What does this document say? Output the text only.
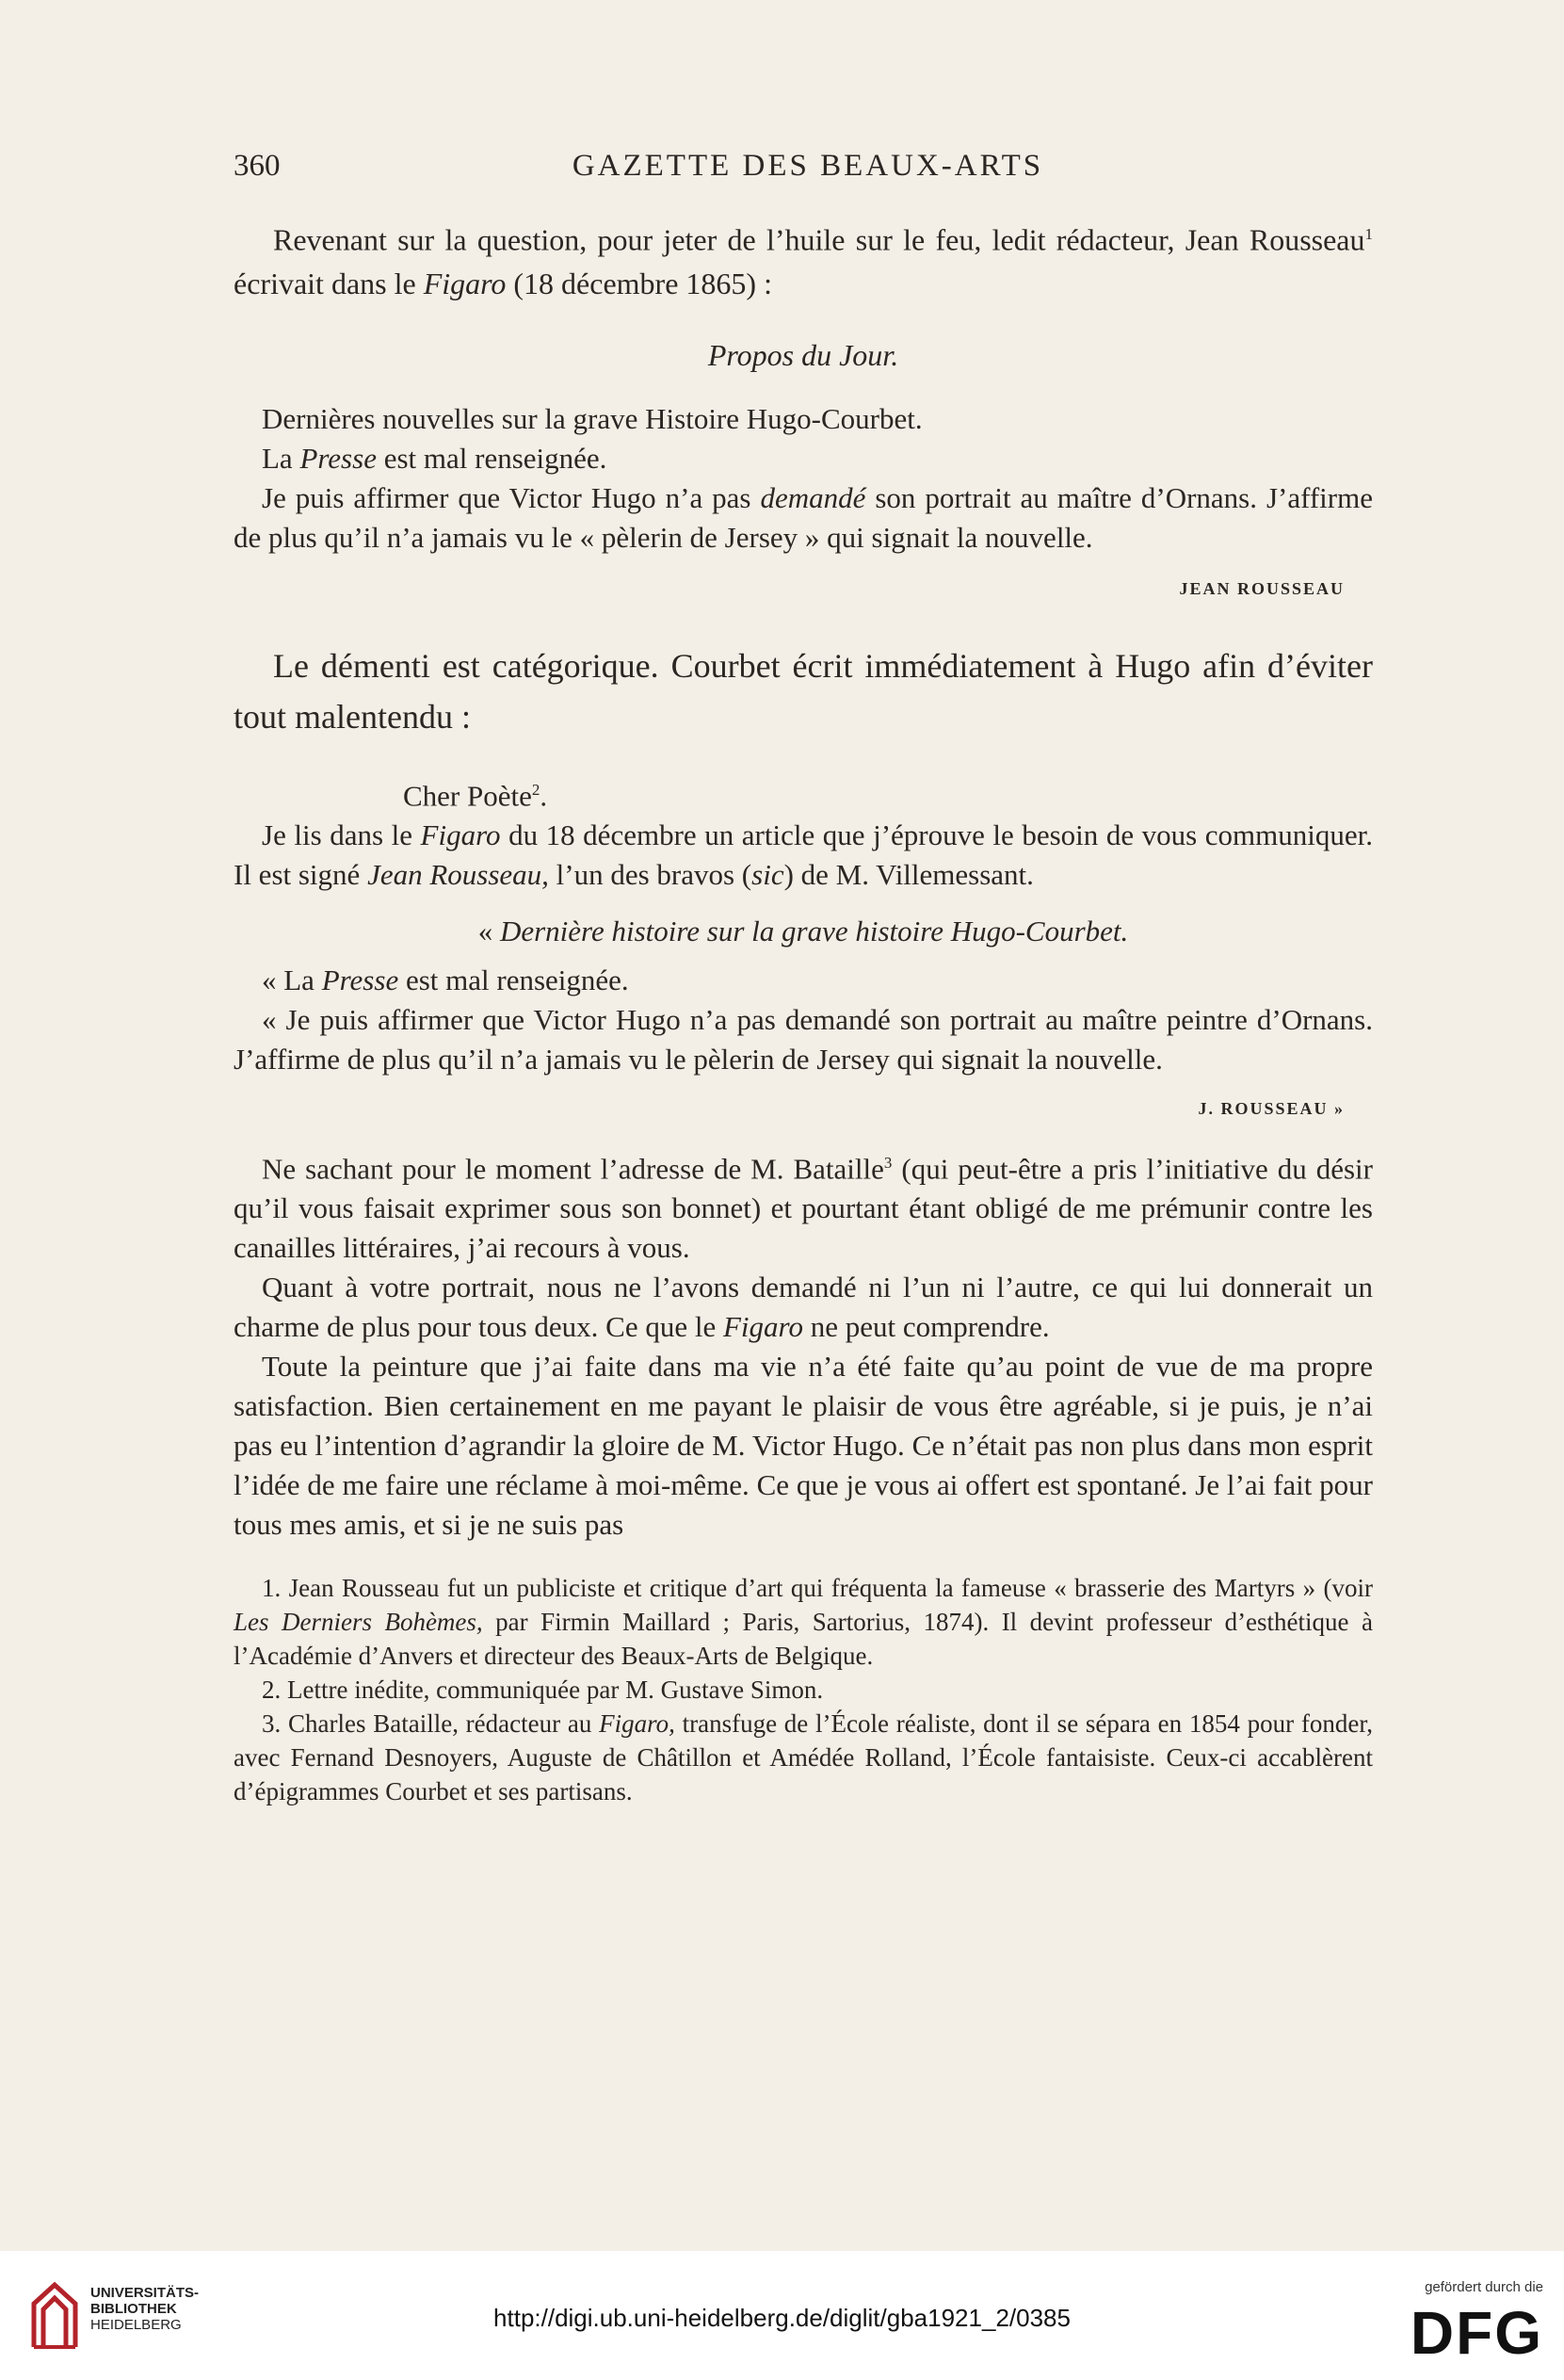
360	GAZETTE DES BEAUX-ARTS

Revenant sur la question, pour jeter de l’huile sur le feu, ledit rédacteur, Jean Rousseau$^1$ écrivait dans le Figaro (18 décembre 1865) :

Propos du Jour.

Dernières nouvelles sur la grave Histoire Hugo-Courbet.

La Presse est mal renseignée.

Je puis affirmer que Victor Hugo n’a pas demandé son portrait au maître d’Ornans. J’affirme de plus qu’il n’a jamais vu le « pèlerin de Jersey » qui signait la nouvelle.

JEAN ROUSSEAU

Le démenti est catégorique. Courbet écrit immédiatement à Hugo afin d’éviter tout malentendu :

Cher Poète$^2$.

Je lis dans le Figaro du 18 décembre un article que j’éprouve le besoin de vous communiquer. Il est signé Jean Rousseau, l’un des bravos (sic) de M. Villemessant.

« Dernière histoire sur la grave histoire Hugo-Courbet.

« La Presse est mal renseignée.

« Je puis affirmer que Victor Hugo n’a pas demandé son portrait au maître peintre d’Ornans. J’affirme de plus qu’il n’a jamais vu le pèlerin de Jersey qui signait la nouvelle.

J. ROUSSEAU »

Ne sachant pour le moment l’adresse de M. Bataille$^3$ (qui peut-être a pris l’initiative du désir qu’il vous faisait exprimer sous son bonnet) et pourtant étant obligé de me prémunir contre les canailles littéraires, j’ai recours à vous.

Quant à votre portrait, nous ne l’avons demandé ni l’un ni l’autre, ce qui lui donnerait un charme de plus pour tous deux. Ce que le Figaro ne peut comprendre.

Toute la peinture que j’ai faite dans ma vie n’a été faite qu’au point de vue de ma propre satisfaction. Bien certainement en me payant le plaisir de vous être agréable, si je puis, je n’ai pas eu l’intention d’agrandir la gloire de M. Victor Hugo. Ce n’était pas non plus dans mon esprit l’idée de me faire une réclame à moi-même. Ce que je vous ai offert est spontané. Je l’ai fait pour tous mes amis, et si je ne suis pas

1. Jean Rousseau fut un publiciste et critique d’art qui fréquenta la fameuse « brasserie des Martyrs » (voir Les Derniers Bohèmes, par Firmin Maillard ; Paris, Sartorius, 1874). Il devint professeur d’esthétique à l’Académie d’Anvers et directeur des Beaux-Arts de Belgique.

2. Lettre inédite, communiquée par M. Gustave Simon.

3. Charles Bataille, rédacteur au Figaro, transfuge de l’École réaliste, dont il se sépara en 1854 pour fonder, avec Fernand Desnoyers, Auguste de Châtillon et Amédée Rolland, l’École fantaisiste. Ceux-ci accablèrent d’épigrammes Courbet et ses partisans.

UNIVERSITÄTS-
BIBLIOTHEK
HEIDELBERG	http://digi.ub.uni-heidelberg.de/diglit/gba1921_2/0385
gefördert durch die
DFG
